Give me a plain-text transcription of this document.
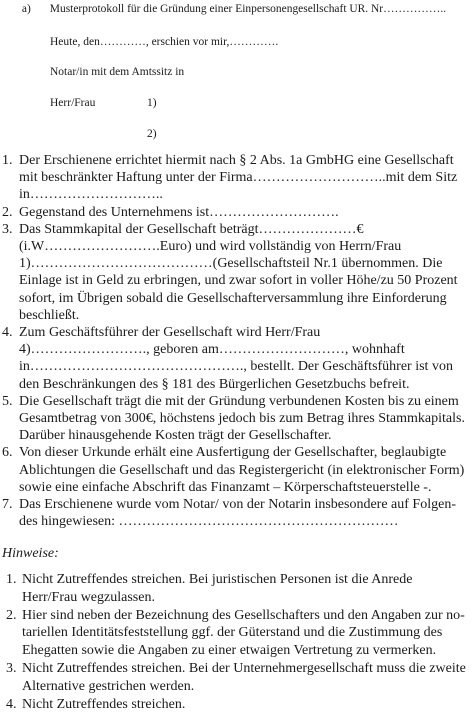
a) Musterprotokoll für die Gründung einer Einpersonengesellschaft UR. Nr……………..
Heute, den…………, erschien vor mir,………….
Notar/in mit dem Amtssitz in
Herr/Frau	1)
2)
1. Der Erschienene errichtet hiermit nach § 2 Abs. 1a GmbHG eine Gesellschaft
mit beschränkter Haftung unter der Firma………………………..mit dem Sitz
in………………………..
2. Gegenstand des Unternehmens ist……………………….
3. Das Stammkapital der Gesellschaft beträgt…………………€
(i.W…………………….Euro) und wird vollständig von Herrn/Frau
1)…………………………………(Gesellschaftsteil Nr.1 übernommen. Die
Einlage ist in Geld zu erbringen, und zwar sofort in voller Höhe/zu 50 Prozent
sofort, im Übrigen sobald die Gesellschafterversammlung ihre Einforderung
beschließt.
4. Zum Geschäftsführer der Gesellschaft wird Herr/Frau
4)……………………., geboren am………………………, wohnhaft
in………………………………………., bestellt. Der Geschäftsführer ist von
den Beschränkungen des § 181 des Bürgerlichen Gesetzbuchs befreit.
5. Die Gesellschaft trägt die mit der Gründung verbundenen Kosten bis zu einem
Gesamtbetrag von 300€, höchstens jedoch bis zum Betrag ihres Stammkapitals.
Darüber hinausgehende Kosten trägt der Gesellschafter.
6. Von dieser Urkunde erhält eine Ausfertigung der Gesellschafter, beglaubigte
Ablichtungen die Gesellschaft und das Registergericht (in elektronischer Form)
sowie eine einfache Abschrift das Finanzamt – Körperschaftsteuerstelle -.
7. Das Erschienene wurde vom Notar/ von der Notarin insbesondere auf Folgen-
des hingewiesen: ……………………………………………………
Hinweise:
1. Nicht Zutreffendes streichen. Bei juristischen Personen ist die Anrede
Herr/Frau wegzulassen.
2. Hier sind neben der Bezeichnung des Gesellschafters und den Angaben zur no-
tariellen Identitätsfeststellung ggf. der Güterstand und die Zustimmung des
Ehegatten sowie die Angaben zu einer etwaigen Vertretung zu vermerken.
3. Nicht Zutreffendes streichen. Bei der Unternehmergesellschaft muss die zweite
Alternative gestrichen werden.
4. Nicht Zutreffendes streichen.
